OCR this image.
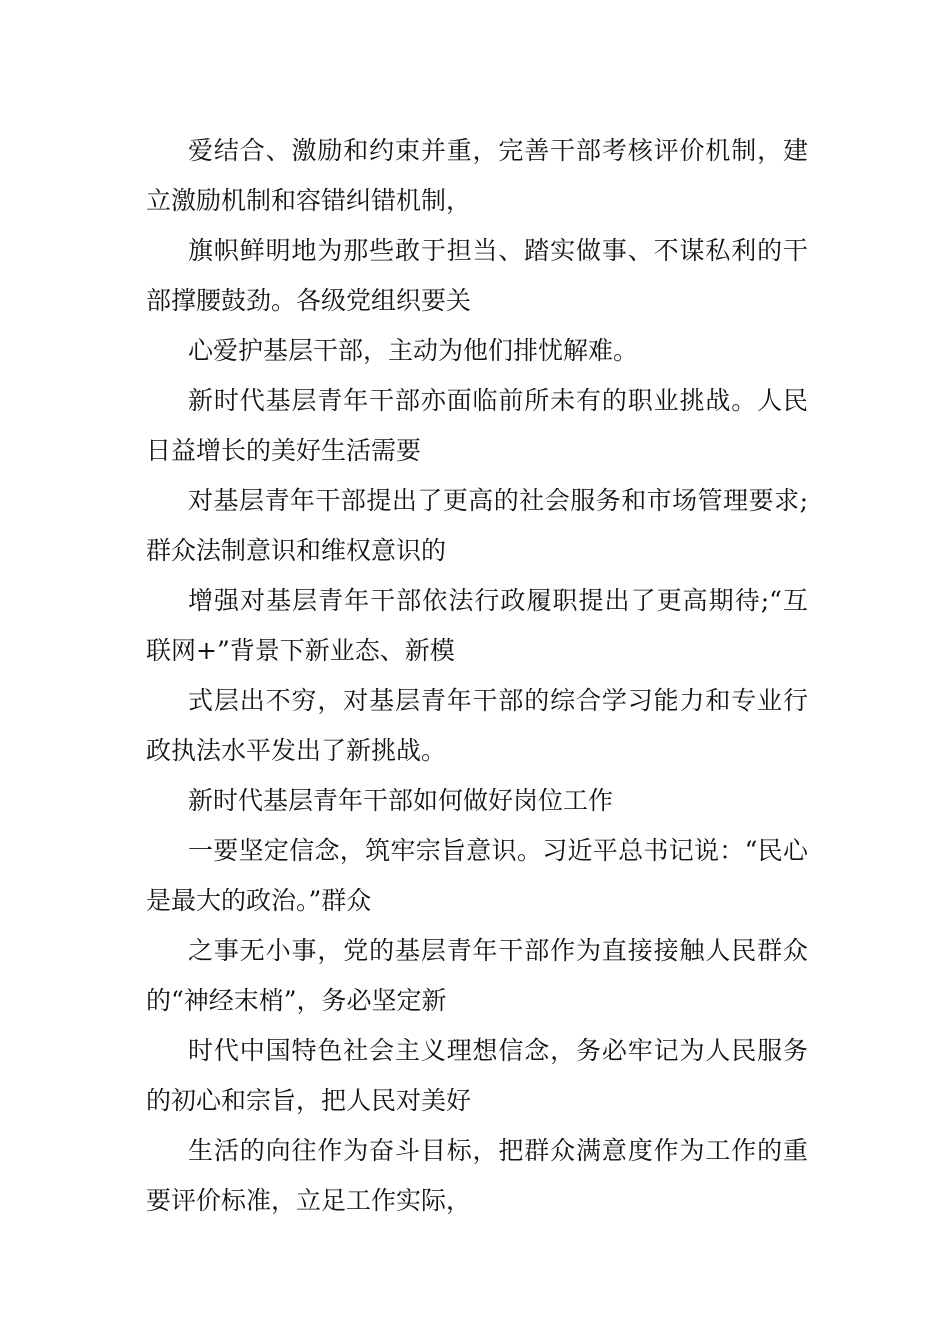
爱结合、激励和约束并重，完善干部考核评价机制，建立激励机制和容错纠错机制，

旗帜鲜明地为那些敢于担当、踏实做事、不谋私利的干部撑腰鼓劲。各级党组织要关

心爱护基层干部，主动为他们排忧解难。

新时代基层青年干部亦面临前所未有的职业挑战。人民日益增长的美好生活需要

对基层青年干部提出了更高的社会服务和市场管理要求;群众法制意识和维权意识的

增强对基层青年干部依法行政履职提出了更高期待;“互联网+”背景下新业态、新模

式层出不穷，对基层青年干部的综合学习能力和专业行政执法水平发出了新挑战。

新时代基层青年干部如何做好岗位工作

一要坚定信念，筑牢宗旨意识。习近平总书记说：“民心是最大的政治。”群众

之事无小事，党的基层青年干部作为直接接触人民群众的“神经末梢”，务必坚定新

时代中国特色社会主义理想信念，务必牢记为人民服务的初心和宗旨，把人民对美好

生活的向往作为奋斗目标，把群众满意度作为工作的重要评价标准，立足工作实际，
